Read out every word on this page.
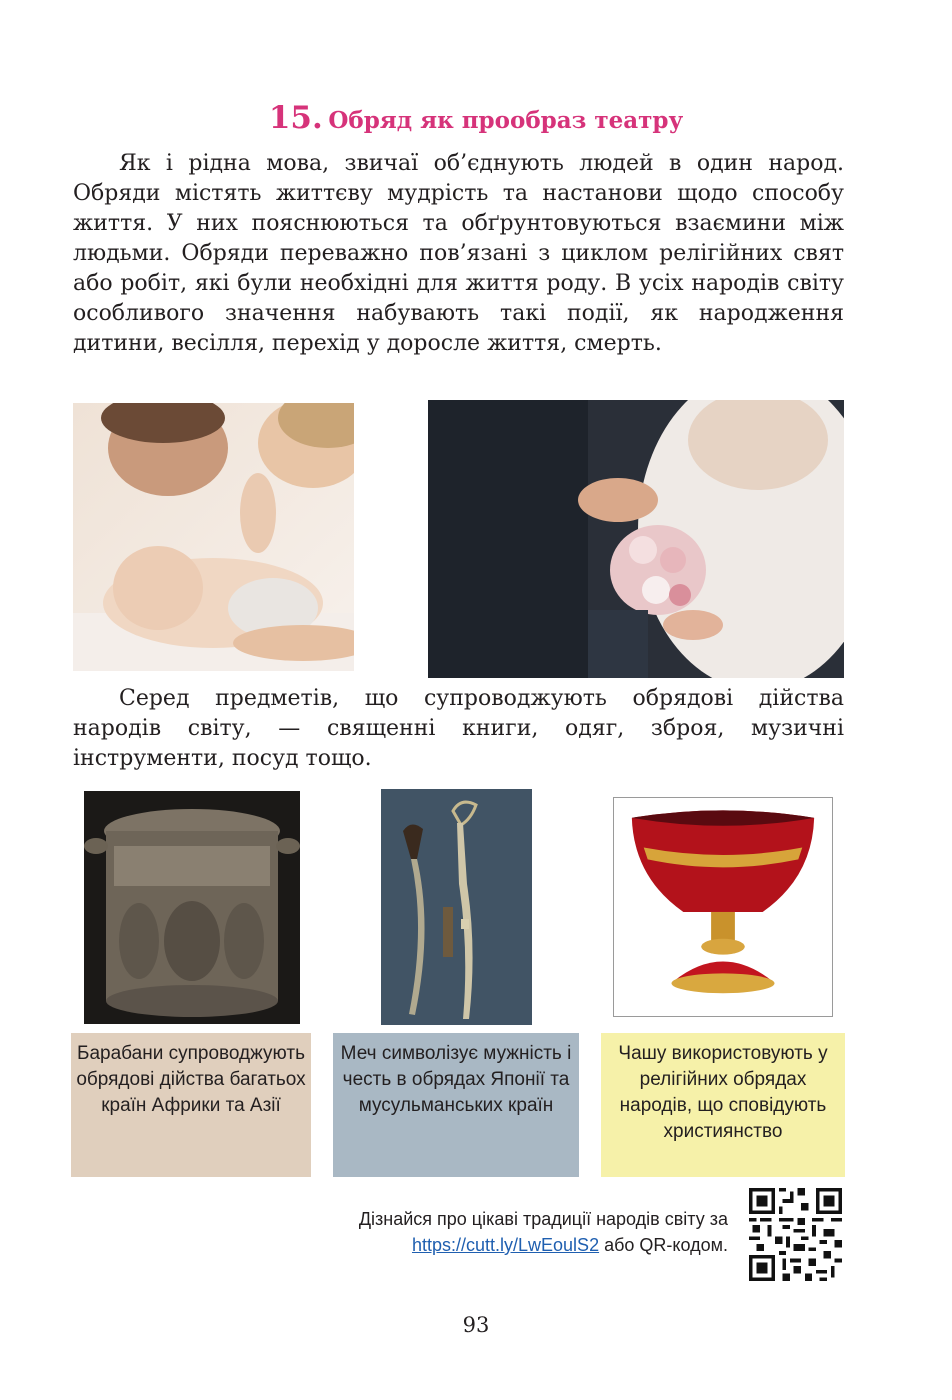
15. Обряд як прообраз театру

Як і рідна мова, звичаї об’єднують людей в один народ. Обряди містять життєву мудрість та настанови щодо способу життя. У них пояснюються та обґрунтовуються взаємини між людьми. Обряди переважно пов’язані з циклом релігійних свят або робіт, які були необхідні для життя роду. В усіх народів світу особливого значення набувають такі події, як народження дитини, весілля, перехід у доросле життя, смерть.

Серед предметів, що супроводжують обрядові дійства народів світу, — священні книги, одяг, зброя, музичні інструменти, посуд тощо.

Барабани супроводжують обрядові дійства багатьох країн Африки та Азії
Меч символізує мужність і честь в обрядах Японії та мусульманських країн
Чашу використовують у релігійних обрядах народів, що сповідують християнство
Дізнайся про цікаві традиції народів світу за
https://cutt.ly/LwEoulS2 або QR-кодом.
93
